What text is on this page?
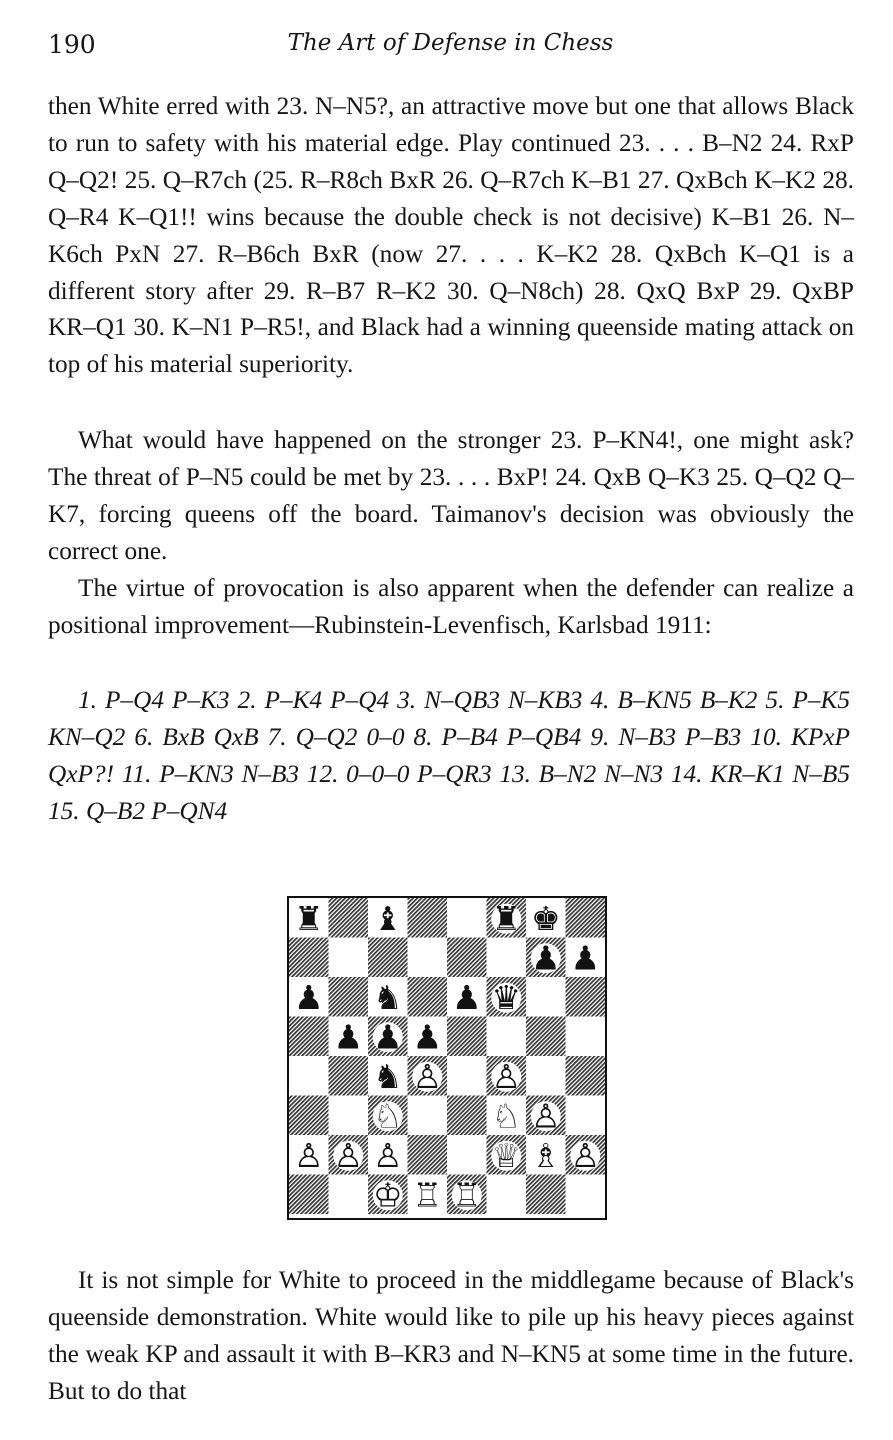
190	The Art of Defense in Chess

then White erred with 23. N–N5?, an attractive move but one that allows Black to run to safety with his material edge. Play continued 23. . . . B–N2 24. RxP Q–Q2! 25. Q–R7ch (25. R–R8ch BxR 26. Q–R7ch K–B1 27. QxBch K–K2 28. Q–R4 K–Q1!! wins because the double check is not decisive) K–B1 26. N–K6ch PxN 27. R–B6ch BxR (now 27. . . . K–K2 28. QxBch K–Q1 is a different story after 29. R–B7 R–K2 30. Q–N8ch) 28. QxQ BxP 29. QxBP KR–Q1 30. K–N1 P–R5!, and Black had a winning queenside mating attack on top of his material superiority.

What would have happened on the stronger 23. P–KN4!, one might ask? The threat of P–N5 could be met by 23. . . . BxP! 24. QxB Q–K3 25. Q–Q2 Q–K7, forcing queens off the board. Taimanov's decision was obviously the correct one.

The virtue of provocation is also apparent when the defender can realize a positional improvement—Rubinstein-Levenfisch, Karlsbad 1911:

1. P–Q4 P–K3 2. P–K4 P–Q4 3. N–QB3 N–KB3 4. B–KN5 B–K2 5. P–K5 KN–Q2 6. BxB QxB 7. Q–Q2 0–0 8. P–B4 P–QB4 9. N–B3 P–B3 10. KPxP QxP?! 11. P–KN3 N–B3 12. 0–0–0 P–QR3 13. B–N2 N–N3 14. KR–K1 N–B5 15. Q–B2 P–QN4

♜ ♝	♜ ♚
♟ ♟
♟ ♞ ♟ ♛
♟ ♟ ♟
♞ ♙ ♙
♘	♘ ♙
♙ ♙ ♙	♕ ♗ ♙
♔ ♖ ♖

It is not simple for White to proceed in the middlegame because of Black's queenside demonstration. White would like to pile up his heavy pieces against the weak KP and assault it with B–KR3 and N–KN5 at some time in the future. But to do that
